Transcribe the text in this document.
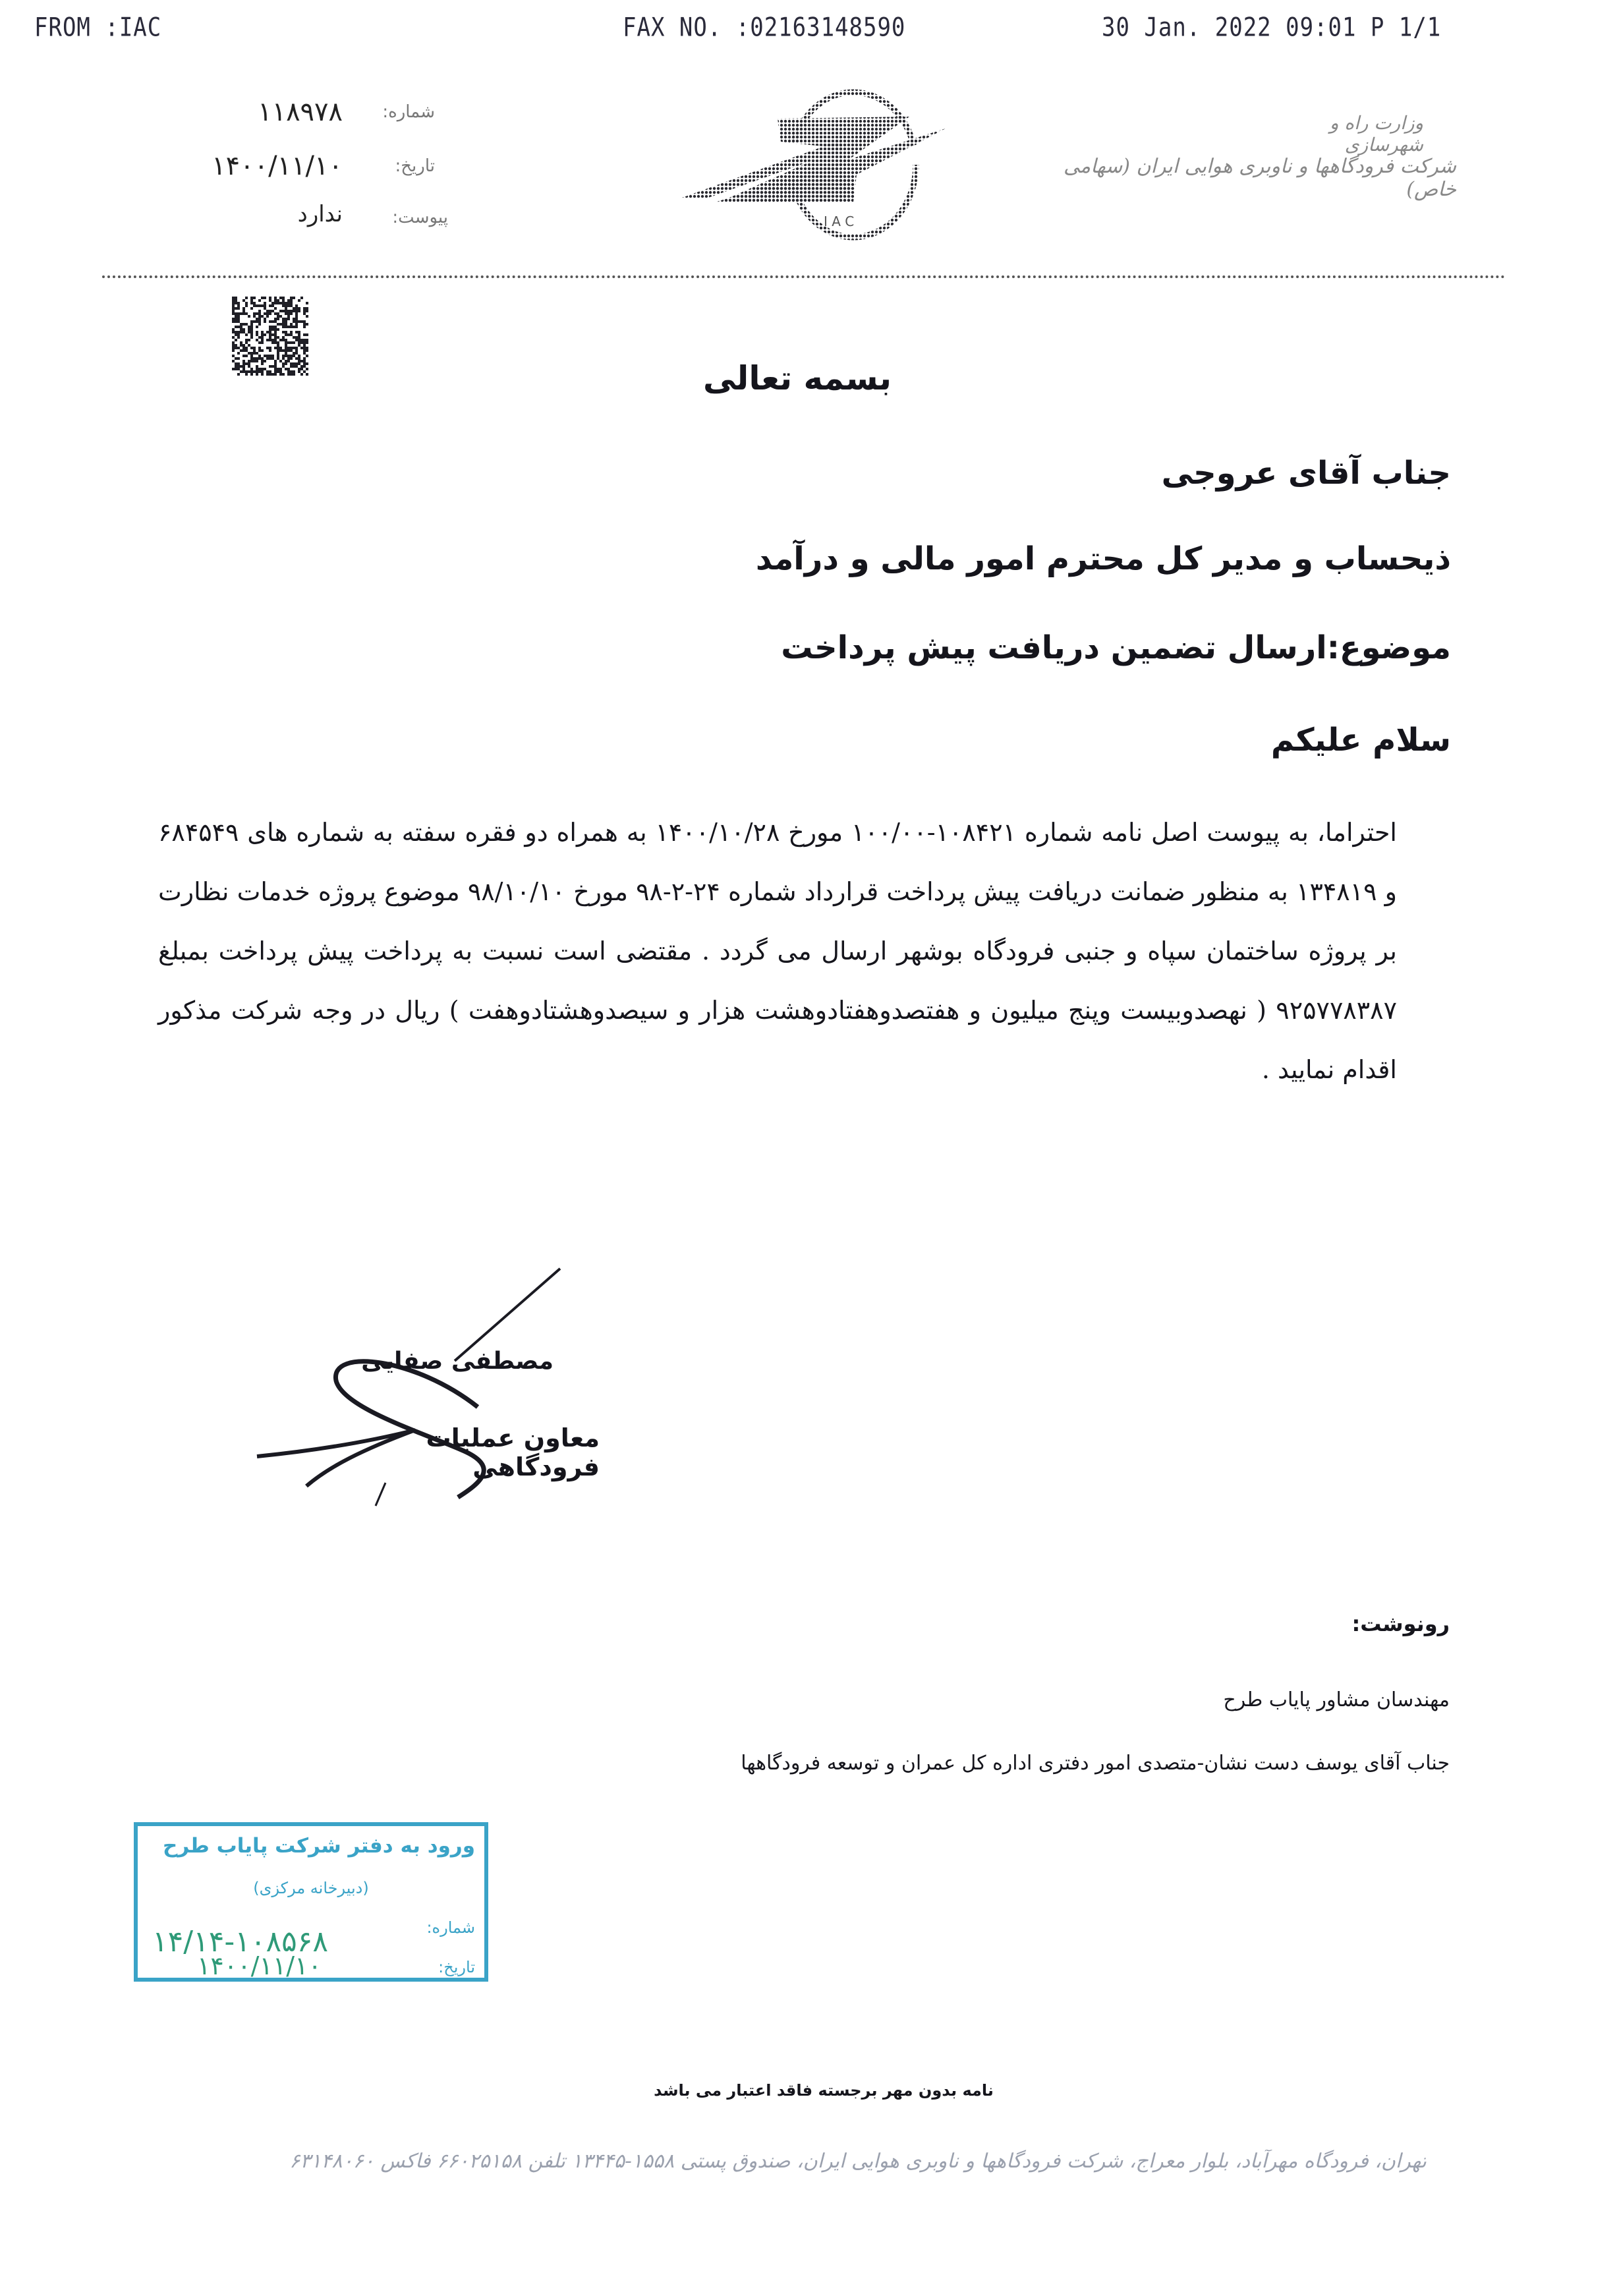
FROM :IAC	FAX NO. :02163148590	30 Jan. 2022 09:01 P 1/1
شماره:
۱۱۸۹۷۸
تاریخ:
۱۴۰۰/۱۱/۱۰
پیوست:
ندارد	I A C
وزارت راه و شهرسازی
شرکت فرودگاهها و ناوبری هوایی ایران (سهامی خاص)
بسمه تعالی
جناب آقای عروجی
ذیحساب و مدیر کل محترم امور مالی و درآمد
موضوع:ارسال تضمین دریافت پیش پرداخت
سلام علیکم
احتراما، به پیوست اصل نامه شماره ۱۰۸۴۲۱-۱۰۰/۰۰ مورخ ۱۴۰۰/۱۰/۲۸ به همراه دو فقره سفته به شماره های ۶۸۴۵۴۹ و ۱۳۴۸۱۹ به منظور ضمانت دریافت پیش پرداخت قرارداد شماره ۲۴-۲-۹۸ مورخ ۹۸/۱۰/۱۰ موضوع پروژه خدمات نظارت بر پروژه ساختمان سپاه و جنبی فرودگاه بوشهر ارسال می گردد . مقتضی است نسبت به پرداخت پیش پرداخت بمبلغ ۹۲۵۷۷۸۳۸۷ ( نهصدوبیست وپنج میلیون و هفتصدوهفتادوهشت هزار و سیصدوهشتادوهفت ) ریال در وجه شرکت مذکور اقدام نمایید .
مصطفی صفایی
معاون عملیات فرودگاهی
رونوشت:
مهندسان مشاور پایاب طرح
جناب آقای یوسف دست نشان-متصدی امور دفتری اداره کل عمران و توسعه فرودگاهها
ورود به دفتر شرکت پایاب طرح
(دبیرخانه مرکزی)
شماره:
۱۴/۱۴-۱۰۸۵۶۸
تاریخ:
۱۴۰۰/۱۱/۱۰
نامه بدون مهر برجسته فاقد اعتبار می باشد
تهران، فرودگاه مهرآباد، بلوار معراج، شرکت فرودگاهها و ناوبری هوایی ایران، صندوق پستی ۱۵۵۸-۱۳۴۴۵ تلفن ۶۶۰۲۵۱۵۸ فاکس ۶۳۱۴۸۰۶۰
